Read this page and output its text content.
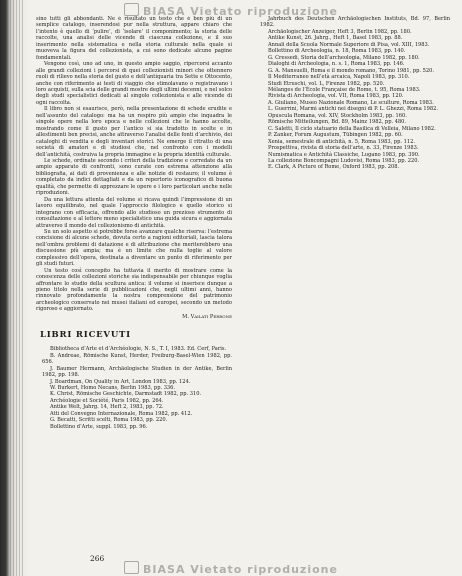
BIASA Vietato riproduzione

sino tutti gli abbondanti. Ne è risultato un testo che è ben più di un semplice catalogo, inserendosi pur nella struttura, appare chiaro che l’intento è quello di ‘pulire’, di ‘isolare’ il componimento; la storia delle raccolte, una analisi delle vicende di ciascuna collezione, e il suo inserimento nella sistematica e nella storia culturale nella quale si muoveva la figura del collezionista, a cui sono dedicate alcune pagine fondamentali.

Vengono così, uno ad uno, in questo ampio saggio, ripercorsi accanto alle grandi collezioni i percorsi di quei collezionisti minori che ottennero ruoli di rilievo nella storia del gusto e dell’antiquaria tra Sette e Ottocento, anche con riferimento ai testi di viaggio che stimolavano o registravano i loro acquisti, sulla scia delle grandi mostre degli ultimi decenni, e nel solco degli studi specialistici dedicati al singolo collezionista e alle vicende di ogni raccolta.

Il libro non si esaurisce, però, nella presentazione di schede erudite e nell’assunto del catalogo: ma ha un respiro più ampio che inquadra le singole opere nella loro epoca e nelle collezioni che le hanno accolte, mostrando come il gusto per l’antico si sia tradotto in scelte e in allestimenti ben precisi, anche attraverso l’analisi delle fonti d’archivio, dei cataloghi di vendita e degli inventari storici. Ne emerge il ritratto di una società di amatori e di studiosi che, nel confronto con i modelli dell’antichità, costruiva la propria immagine e la propria identità culturale.

Le schede, ordinate secondo i criteri della tradizione e corredate da un ampio apparato di confronti, sono curate con estrema attenzione alla bibliografia, ai dati di provenienza e alle notizie di restauro; il volume è completato da indici dettagliati e da un repertorio iconografico di buona qualità, che permette di apprezzare le opere e i loro particolari anche nelle riproduzioni.

Da una lettura attenta del volume si ricava quindi l’impressione di un lavoro equilibrato, nel quale l’approccio filologico e quello storico si integrano con efficacia, offrendo allo studioso un prezioso strumento di consultazione e al lettore meno specialistico una guida sicura e aggiornata attraverso il mondo del collezionismo di antichità.

Su un solo aspetto si potrebbe forse avanzare qualche riserva: l’estrema concisione di alcune schede, dovuta certo a ragioni editoriali, lascia talora nell’ombra problemi di datazione e di attribuzione che meriterebbero una discussione più ampia; ma è un limite che nulla toglie al valore complessivo dell’opera, destinata a diventare un punto di riferimento per gli studi futuri.

Un testo così concepito ha tuttavia il merito di mostrare come la conoscenza delle collezioni storiche sia indispensabile per chiunque voglia affrontare lo studio della scultura antica: il volume si inserisce dunque a pieno titolo nella serie di pubblicazioni che, negli ultimi anni, hanno rinnovato profondamente la nostra comprensione del patrimonio archeologico conservato nei musei italiani ed europei, secondo un metodo rigoroso e aggiornato.

M. Vailati Perrone
LIBRI RICEVUTI

Bibliotheca d’Arte et d’Archéologie, N. S., T. I, 1983. Ed. Cerf, Paris.

B. Andreae, Römische Kunst, Herder, Freiburg-Basel-Wien 1982, pp. 656.

J. Baumer Hermann, Archäologische Studien in der Antike, Berlin 1982, pp. 198.

J. Boardman, On Quality in Art, London 1983, pp. 124.

W. Burkert, Homo Necans, Berlin 1983, pp. 336.

K. Christ, Römische Geschichte, Darmstadt 1982, pp. 310.

Archéologie et Société, Paris 1982, pp. 264.

Antike Welt, Jahrg. 14, Heft 2, 1983, pp. 72.

Atti del Convegno Internazionale, Roma 1982, pp. 412.

G. Becatti, Scritti scelti, Roma 1983, pp. 220.

Bollettino d’Arte, suppl. 1983, pp. 96.

Jahrbuch des Deutschen Archäologischen Instituts, Bd. 97, Berlin 1982.

Archäologischer Anzeiger, Heft 3, Berlin 1982, pp. 180.

Antike Kunst, 26. Jahrg., Heft 1, Basel 1983, pp. 88.

Annali della Scuola Normale Superiore di Pisa, vol. XIII, 1983.

Bollettino di Archeologia, n. 18, Roma 1983, pp. 140.

G. Cressedi, Storia dell’archeologia, Milano 1982, pp. 180.

Dialoghi di Archeologia, n. s. 1, Roma 1983, pp. 146.

G. A. Mansuelli, Roma e il mondo romano, Torino 1981, pp. 520.

Il Mediterraneo nell’età arcaica, Napoli 1983, pp. 310.

Studi Etruschi, vol. L, Firenze 1982, pp. 520.

Mélanges de l’École Française de Rome, t. 95, Roma 1983.

Rivista di Archeologia, vol. VII, Roma 1983, pp. 120.

A. Giuliano, Museo Nazionale Romano, Le sculture, Roma 1983.

L. Guerrini, Marmi antichi nei disegni di P. L. Ghezzi, Roma 1982.

Opuscula Romana, vol. XIV, Stockholm 1983, pp. 160.

Römische Mitteilungen, Bd. 89, Mainz 1982, pp. 480.

C. Saletti, Il ciclo statuario della Basilica di Velleia, Milano 1982.

P. Zanker, Forum Augustum, Tübingen 1982, pp. 60.

Xenia, semestrale di antichità, n. 5, Roma 1983, pp. 112.

Prospettiva, rivista di storia dell’arte, n. 33, Firenze 1983.

Numismatica e Antichità Classiche, Lugano 1983, pp. 390.

La collezione Boncompagni Ludovisi, Roma 1983, pp. 220.

E. Clark, A Picture of Rome, Oxford 1983, pp. 208.

266
BIASA Vietato riproduzione
